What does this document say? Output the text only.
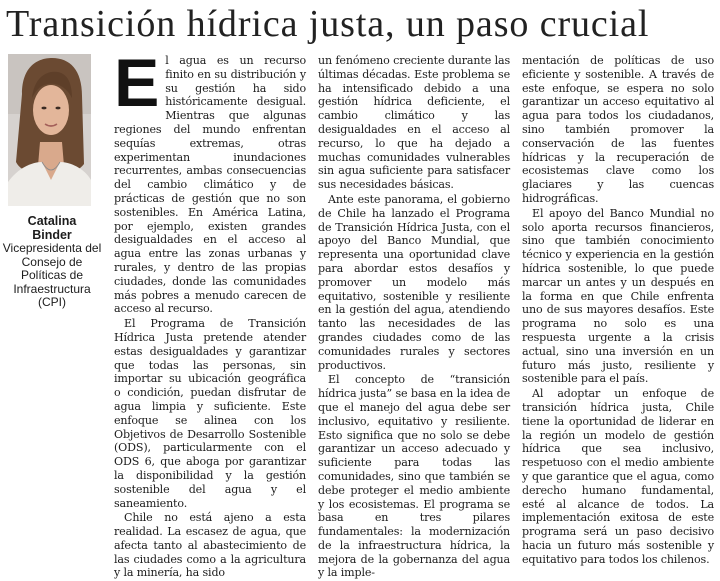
Transición hídrica justa, un paso crucial
Catalina
Binder
Vicepresidenta del Consejo de Políticas de Infraestructura (CPI)

El agua es un recurso finito en su distribución y su gestión ha sido históricamente desigual. Mientras que algunas regiones del mundo enfrentan sequías extremas, otras experimentan inundaciones recurrentes, ambas consecuencias del cambio climático y de prácticas de gestión que no son sostenibles. En América Latina, por ejemplo, existen grandes desigualdades en el acceso al agua entre las zonas urbanas y rurales, y dentro de las propias ciudades, donde las comunidades más pobres a menudo carecen de acceso al recurso.

El Programa de Transición Hídrica Justa pretende atender estas desigualdades y garantizar que todas las personas, sin importar su ubicación geográfica o condición, puedan disfrutar de agua limpia y suficiente. Este enfoque se alinea con los Objetivos de Desarrollo Sostenible (ODS), particularmente con el ODS 6, que aboga por garantizar la disponibilidad y la gestión sostenible del agua y el saneamiento.

Chile no está ajeno a esta realidad. La escasez de agua, que afecta tanto al abastecimiento de las ciudades como a la agricultura y la minería, ha sido

un fenómeno creciente durante las últimas décadas. Este problema se ha intensificado debido a una gestión hídrica deficiente, el cambio climático y las desigualdades en el acceso al recurso, lo que ha dejado a muchas comunidades vulnerables sin agua suficiente para satisfacer sus necesidades básicas.

Ante este panorama, el gobierno de Chile ha lanzado el Programa de Transición Hídrica Justa, con el apoyo del Banco Mundial, que representa una oportunidad clave para abordar estos desafíos y promover un modelo más equitativo, sostenible y resiliente en la gestión del agua, atendiendo tanto las necesidades de las grandes ciudades como de las comunidades rurales y sectores productivos.

El concepto de “transición hídrica justa” se basa en la idea de que el manejo del agua debe ser inclusivo, equitativo y resiliente. Esto significa que no solo se debe garantizar un acceso adecuado y suficiente para todas las comunidades, sino que también se debe proteger el medio ambiente y los ecosistemas. El programa se basa en tres pilares fundamentales: la modernización de la infraestructura hídrica, la mejora de la gobernanza del agua y la imple-

mentación de políticas de uso eficiente y sostenible. A través de este enfoque, se espera no solo garantizar un acceso equitativo al agua para todos los ciudadanos, sino también promover la conservación de las fuentes hídricas y la recuperación de ecosistemas clave como los glaciares y las cuencas hidrográficas.

El apoyo del Banco Mundial no solo aporta recursos financieros, sino que también conocimiento técnico y experiencia en la gestión hídrica sostenible, lo que puede marcar un antes y un después en la forma en que Chile enfrenta uno de sus mayores desafíos. Este programa no solo es una respuesta urgente a la crisis actual, sino una inversión en un futuro más justo, resiliente y sostenible para el país.

Al adoptar un enfoque de transición hídrica justa, Chile tiene la oportunidad de liderar en la región un modelo de gestión hídrica que sea inclusivo, respetuoso con el medio ambiente y que garantice que el agua, como derecho humano fundamental, esté al alcance de todos. La implementación exitosa de este programa será un paso decisivo hacia un futuro más sostenible y equitativo para todos los chilenos.
